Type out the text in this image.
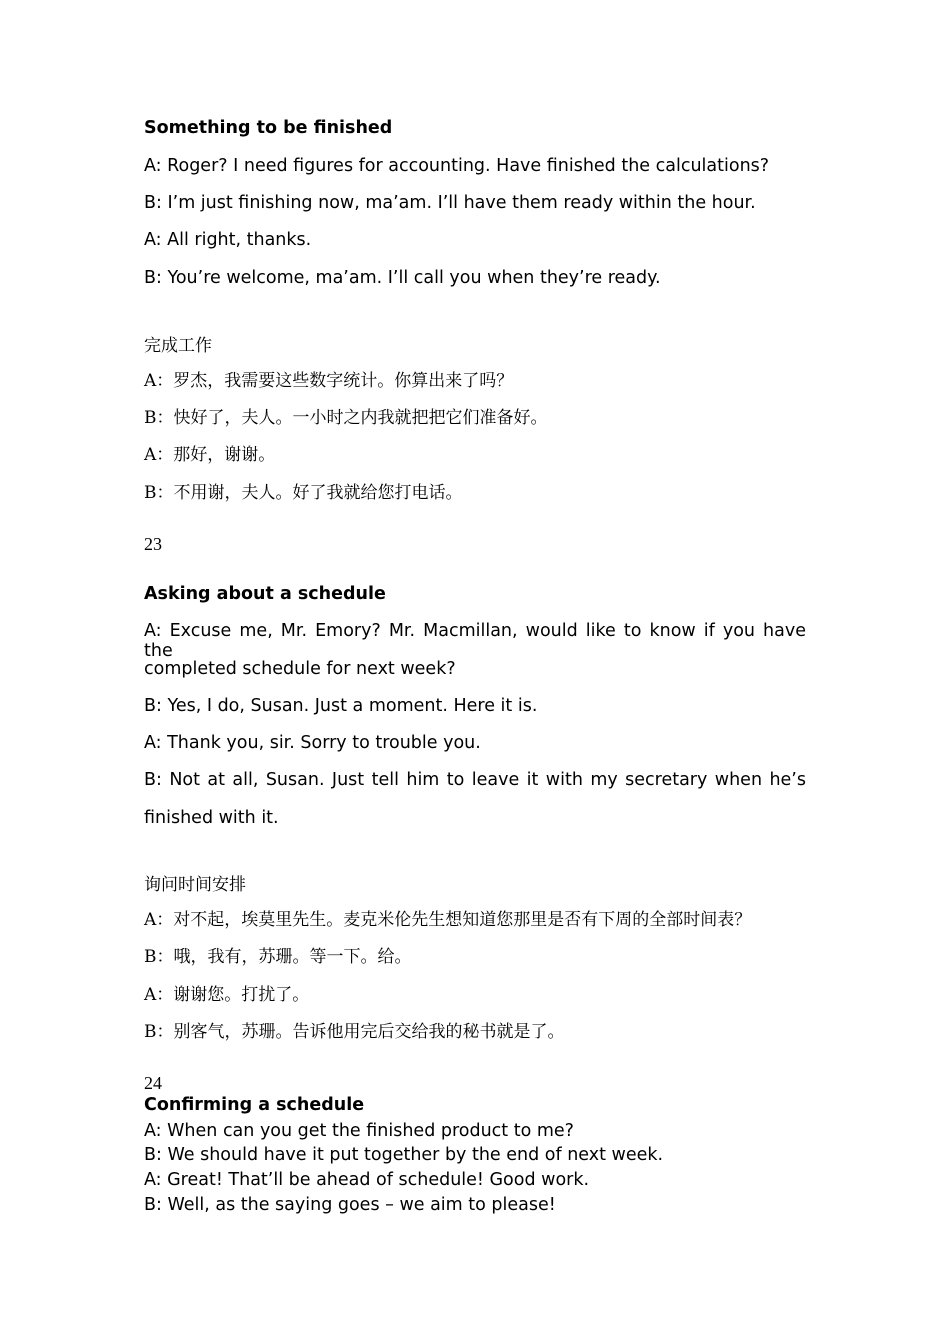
Something to be finished
A: Roger? I need figures for accounting. Have finished the calculations?
B: I’m just finishing now, ma’am. I’ll have them ready within the hour.
A: All right, thanks.
B: You’re welcome, ma’am. I’ll call you when they’re ready.
完成工作
A：罗杰，我需要这些数字统计。你算出来了吗？
B：快好了，夫人。一小时之内我就把把它们准备好。
A：那好，谢谢。
B：不用谢，夫人。好了我就给您打电话。
23
Asking about a schedule
A: Excuse me, Mr. Emory? Mr. Macmillan, would like to know if you have the
completed schedule for next week?
B: Yes, I do, Susan. Just a moment. Here it is.
A: Thank you, sir. Sorry to trouble you.
B: Not at all, Susan. Just tell him to leave it with my secretary when he’s
finished with it.
询问时间安排
A：对不起，埃莫里先生。麦克米伦先生想知道您那里是否有下周的全部时间表？
B：哦，我有，苏珊。等一下。给。
A：谢谢您。打扰了。
B：别客气，苏珊。告诉他用完后交给我的秘书就是了。
24
Confirming a schedule
A: When can you get the finished product to me?
B: We should have it put together by the end of next week.
A: Great! That’ll be ahead of schedule! Good work.
B: Well, as the saying goes – we aim to please!
